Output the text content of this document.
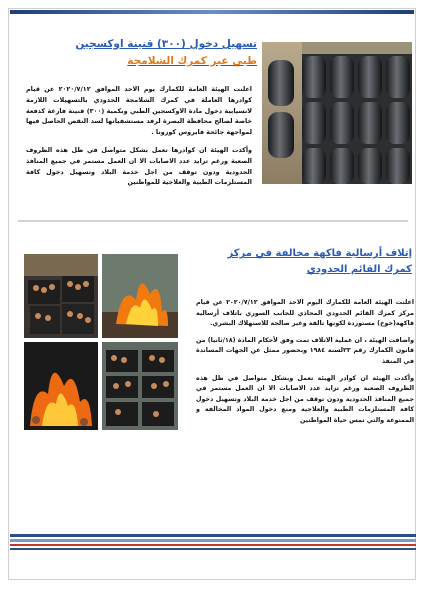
تسهيل دخول (٣٠٠) قنينة اوكسجين
طبي عبر كمرك الشلامجة

اعلنت الهيئة العامة للكمارك يوم الاحد الموافق ٢٠٢٠/٧/١٢ عن قيام كوادرها العاملة في كمرك الشلامجة الحدودي بالتسهيلات اللازمة لانسيابية دخول مادة الاوكسجين الطبي وبكمية (٣٠٠) قنينة فارغة كدفعة خاصة لصالح محافظة البصرة لرفد مستشفياتها لسد النقص الحاصل فيها لمواجهة جائحة فايروس كورونا .

وأكدت الهيئة ان كوادرها تعمل بشكل متواصل في ظل هذه الظروف الصعبة ورغم تزايد عدد الاصابات الا ان العمل مستمر في جميع المنافذ الحدودية ودون توقف من اجل خدمة البلاد وتسهيل دخول كافة المستلزمات الطبية والعلاجية للمواطنين

إتلاف أرسالية فاكهة مخالفة في مركز
كمرك القائم الحدودي

اعلنت الهيئة العامة للكمارك اليوم الاحد الموافق ٢٠٢٠/٧/١٢ عن قيام مركز كمرك القائم الحدودي المحاذي للجانب السوري باتلاف أرسالية فاكهة(خوخ) مستوردة لكونها تالفة وغير صالحة للاستهلاك البشري.

واضافت الهيئة ، ان عملية الاتلاف تمت وفق لأحكام المادة (١٨/ثانيا) من قانون الكمارك رقم ٢٣لسنة ١٩٨٤ وبحضور ممثل عن الجهات المساندة في المنفذ

وأكدت الهيئة ان كوادر الهيئة تعمل وبشكل متواصل في ظل هذه الظروف الصعبة ورغم تزايد عدد الاصابات الا ان العمل مستمر في جميع المنافذ الحدودية ودون توقف من اجل خدمة البلاد وتسهيل دخول كافة المستلزمات الطبية والعلاجية ومنع دخول المواد المخالفة و الممنوعة والتي تمس حياة المواطنين
